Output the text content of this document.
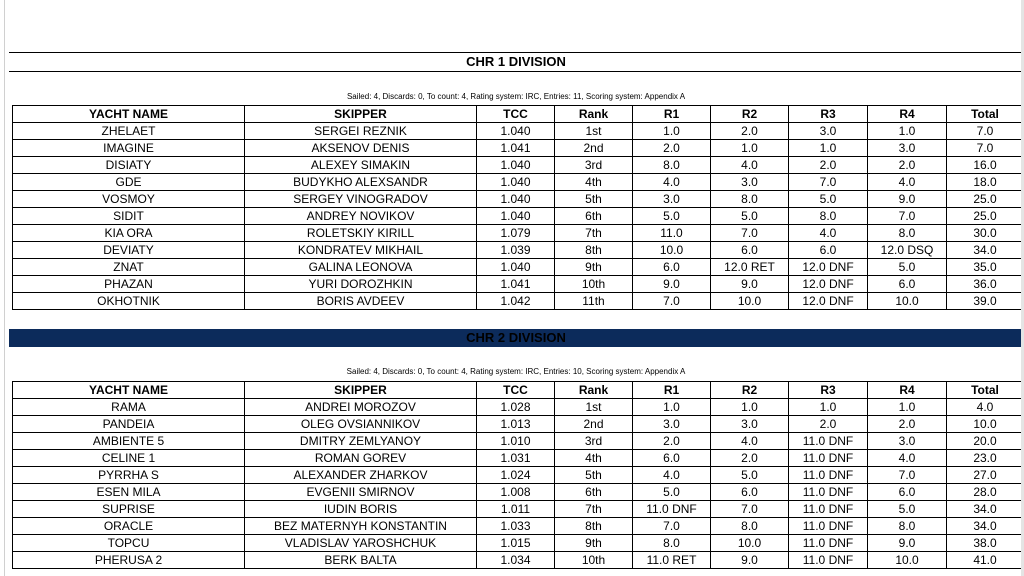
CHR 1 DIVISION
Sailed: 4, Discards: 0, To count: 4, Rating system: IRC, Entries: 11, Scoring system: Appendix A
YACHT NAME	SKIPPER	TCC	Rank	R1	R2	R3	R4	Total
ZHELAET	SERGEI REZNIK	1.040	1st	1.0	2.0	3.0	1.0	7.0
IMAGINE	AKSENOV DENIS	1.041	2nd	2.0	1.0	1.0	3.0	7.0
DISIATY	ALEXEY SIMAKIN	1.040	3rd	8.0	4.0	2.0	2.0	16.0
GDE	BUDYKHO ALEXSANDR	1.040	4th	4.0	3.0	7.0	4.0	18.0
VOSMOY	SERGEY VINOGRADOV	1.040	5th	3.0	8.0	5.0	9.0	25.0
SIDIT	ANDREY NOVIKOV	1.040	6th	5.0	5.0	8.0	7.0	25.0
KIA ORA	ROLETSKIY KIRILL	1.079	7th	11.0	7.0	4.0	8.0	30.0
DEVIATY	KONDRATEV MIKHAIL	1.039	8th	10.0	6.0	6.0	12.0 DSQ	34.0
ZNAT	GALINA LEONOVA	1.040	9th	6.0	12.0 RET	12.0 DNF	5.0	35.0
PHAZAN	YURI DOROZHKIN	1.041	10th	9.0	9.0	12.0 DNF	6.0	36.0
OKHOTNIK	BORIS AVDEEV	1.042	11th	7.0	10.0	12.0 DNF	10.0	39.0
CHR 2 DIVISION
Sailed: 4, Discards: 0, To count: 4, Rating system: IRC, Entries: 10, Scoring system: Appendix A
YACHT NAME	SKIPPER	TCC	Rank	R1	R2	R3	R4	Total
RAMA	ANDREI MOROZOV	1.028	1st	1.0	1.0	1.0	1.0	4.0
PANDEIA	OLEG OVSIANNIKOV	1.013	2nd	3.0	3.0	2.0	2.0	10.0
AMBIENTE 5	DMITRY ZEMLYANOY	1.010	3rd	2.0	4.0	11.0 DNF	3.0	20.0
CELINE 1	ROMAN GOREV	1.031	4th	6.0	2.0	11.0 DNF	4.0	23.0
PYRRHA S	ALEXANDER ZHARKOV	1.024	5th	4.0	5.0	11.0 DNF	7.0	27.0
ESEN MILA	EVGENII SMIRNOV	1.008	6th	5.0	6.0	11.0 DNF	6.0	28.0
SUPRISE	IUDIN BORIS	1.011	7th	11.0 DNF	7.0	11.0 DNF	5.0	34.0
ORACLE	BEZ MATERNYH KONSTANTIN	1.033	8th	7.0	8.0	11.0 DNF	8.0	34.0
TOPCU	VLADISLAV YAROSHCHUK	1.015	9th	8.0	10.0	11.0 DNF	9.0	38.0
PHERUSA 2	BERK BALTA	1.034	10th	11.0 RET	9.0	11.0 DNF	10.0	41.0
